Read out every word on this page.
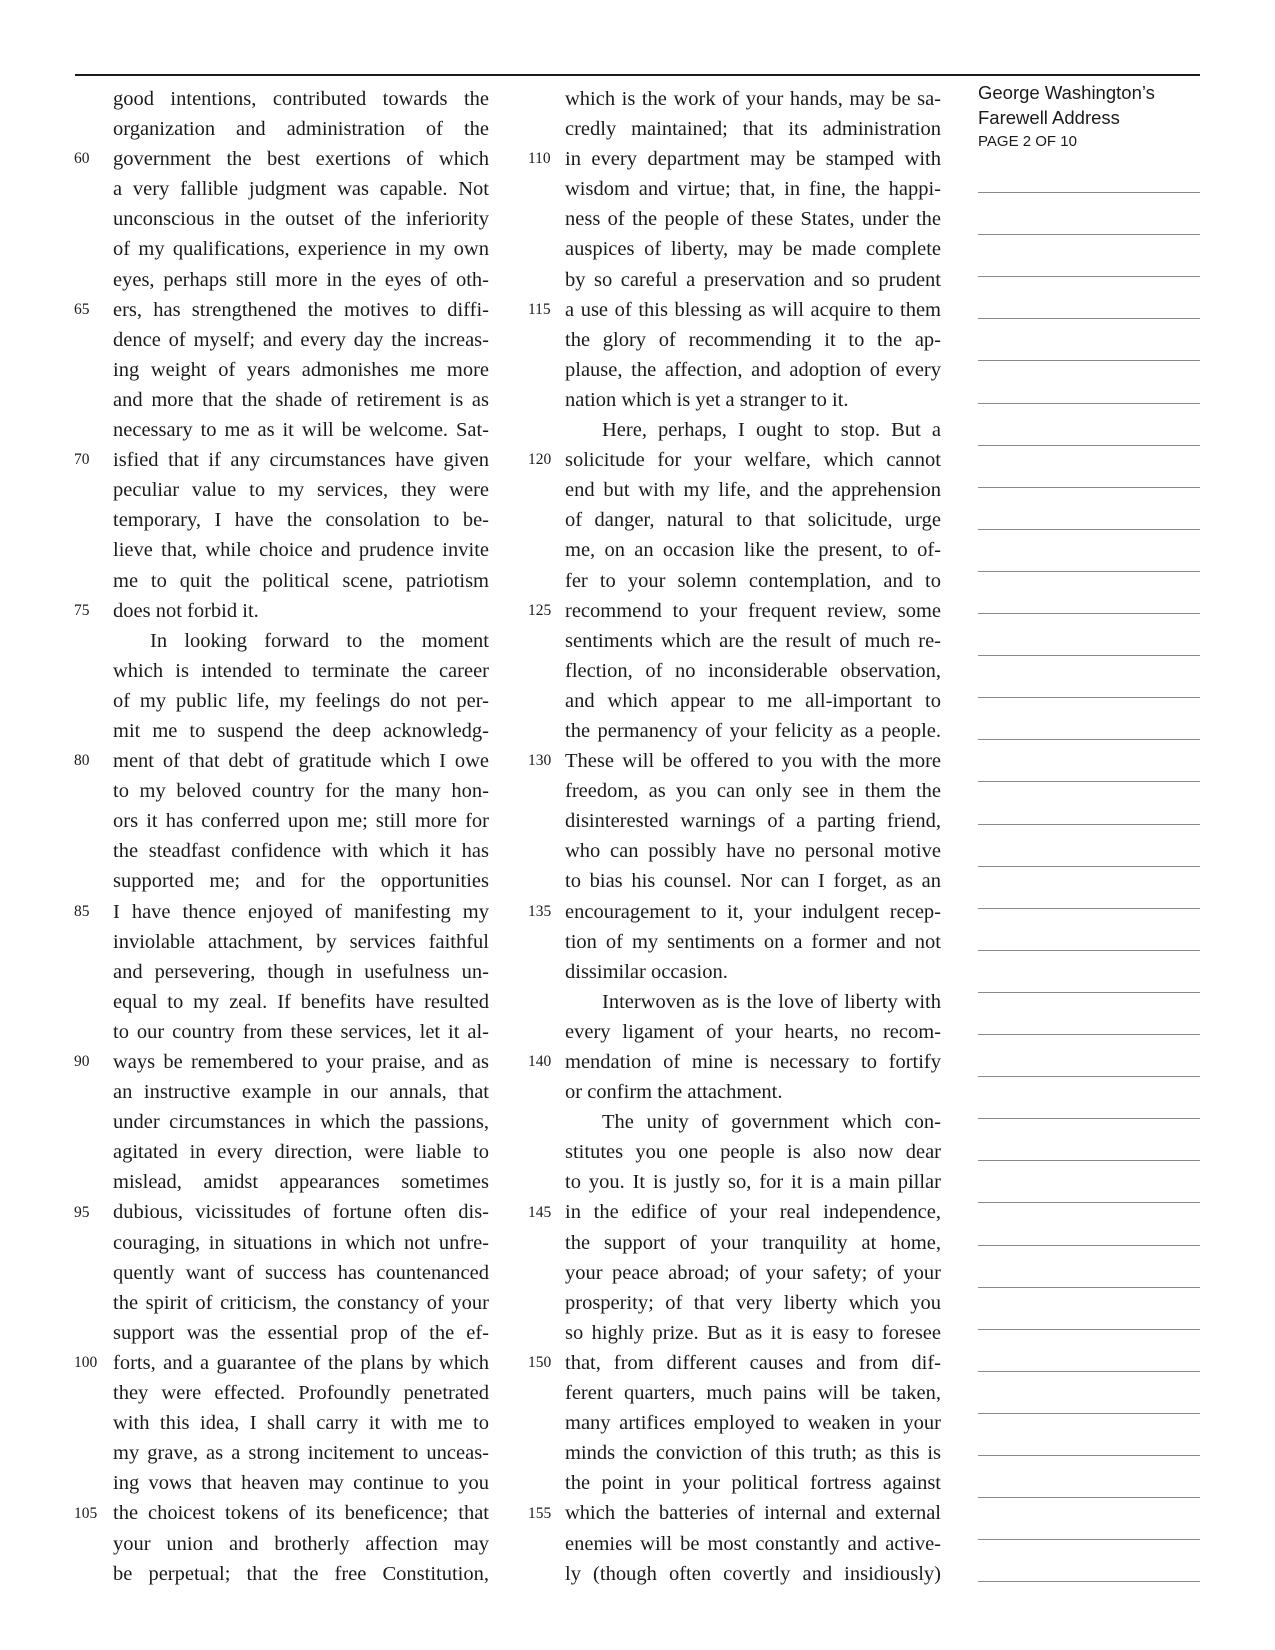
good intentions, contributed towards the
organization and administration of the
government the best exertions of which
a very fallible judgment was capable. Not
unconscious in the outset of the inferiority
of my qualifications, experience in my own
eyes, perhaps still more in the eyes of oth-
ers, has strengthened the motives to diffi-
dence of myself; and every day the increas-
ing weight of years admonishes me more
and more that the shade of retirement is as
necessary to me as it will be welcome. Sat-
isfied that if any circumstances have given
peculiar value to my services, they were
temporary, I have the consolation to be-
lieve that, while choice and prudence invite
me to quit the political scene, patriotism
does not forbid it.
In looking forward to the moment
which is intended to terminate the career
of my public life, my feelings do not per-
mit me to suspend the deep acknowledg-
ment of that debt of gratitude which I owe
to my beloved country for the many hon-
ors it has conferred upon me; still more for
the steadfast confidence with which it has
supported me; and for the opportunities
I have thence enjoyed of manifesting my
inviolable attachment, by services faithful
and persevering, though in usefulness un-
equal to my zeal. If benefits have resulted
to our country from these services, let it al-
ways be remembered to your praise, and as
an instructive example in our annals, that
under circumstances in which the passions,
agitated in every direction, were liable to
mislead, amidst appearances sometimes
dubious, vicissitudes of fortune often dis-
couraging, in situations in which not unfre-
quently want of success has countenanced
the spirit of criticism, the constancy of your
support was the essential prop of the ef-
forts, and a guarantee of the plans by which
they were effected. Profoundly penetrated
with this idea, I shall carry it with me to
my grave, as a strong incitement to unceas-
ing vows that heaven may continue to you
the choicest tokens of its beneficence; that
your union and brotherly affection may
be perpetual; that the free Constitution,
which is the work of your hands, may be sa-
credly maintained; that its administration
in every department may be stamped with
wisdom and virtue; that, in fine, the happi-
ness of the people of these States, under the
auspices of liberty, may be made complete
by so careful a preservation and so prudent
a use of this blessing as will acquire to them
the glory of recommending it to the ap-
plause, the affection, and adoption of every
nation which is yet a stranger to it.
Here, perhaps, I ought to stop. But a
solicitude for your welfare, which cannot
end but with my life, and the apprehension
of danger, natural to that solicitude, urge
me, on an occasion like the present, to of-
fer to your solemn contemplation, and to
recommend to your frequent review, some
sentiments which are the result of much re-
flection, of no inconsiderable observation,
and which appear to me all-important to
the permanency of your felicity as a people.
These will be offered to you with the more
freedom, as you can only see in them the
disinterested warnings of a parting friend,
who can possibly have no personal motive
to bias his counsel. Nor can I forget, as an
encouragement to it, your indulgent recep-
tion of my sentiments on a former and not
dissimilar occasion.
Interwoven as is the love of liberty with
every ligament of your hearts, no recom-
mendation of mine is necessary to fortify
or confirm the attachment.
The unity of government which con-
stitutes you one people is also now dear
to you. It is justly so, for it is a main pillar
in the edifice of your real independence,
the support of your tranquility at home,
your peace abroad; of your safety; of your
prosperity; of that very liberty which you
so highly prize. But as it is easy to foresee
that, from different causes and from dif-
ferent quarters, much pains will be taken,
many artifices employed to weaken in your
minds the conviction of this truth; as this is
the point in your political fortress against
which the batteries of internal and external
enemies will be most constantly and active-
ly (though often covertly and insidiously)
George Washington’s Farewell Address
PAGE 2 OF 10
60
65
70
75
80
85
90
95
100
105
110
115
120
125
130
135
140
145
150
155
